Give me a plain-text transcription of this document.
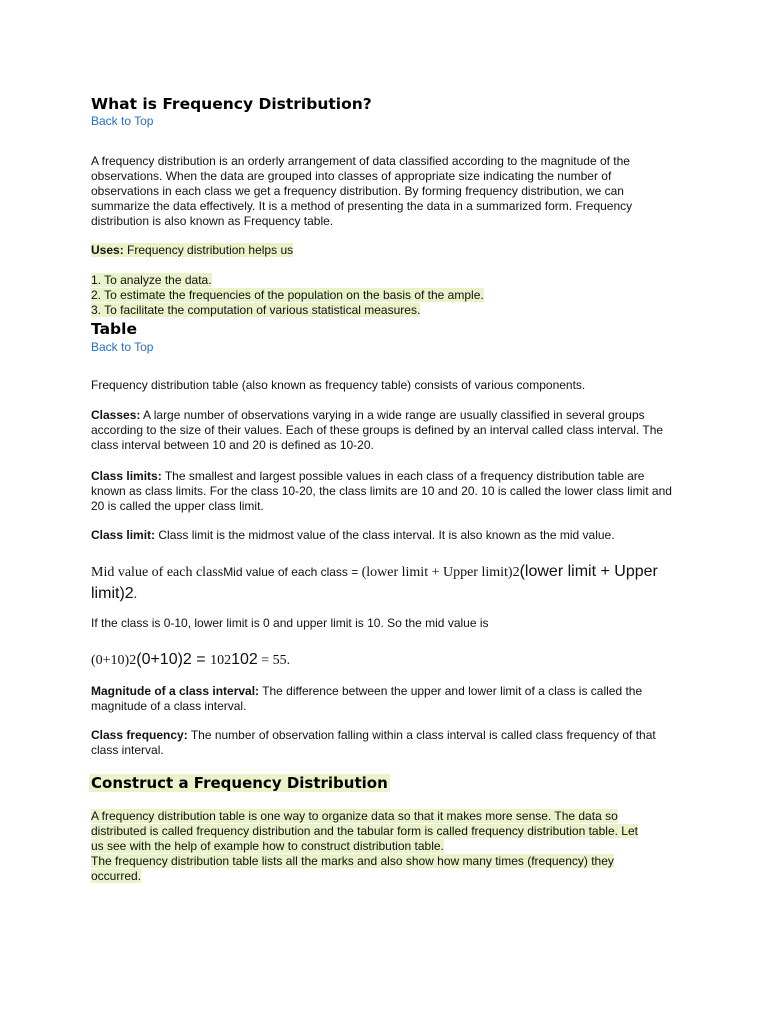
What is Frequency Distribution?
Back to Top

A frequency distribution is an orderly arrangement of data classified according to the magnitude of the observations. When the data are grouped into classes of appropriate size indicating the number of observations in each class we get a frequency distribution. By forming frequency distribution, we can summarize the data effectively. It is a method of presenting the data in a summarized form. Frequency distribution is also known as Frequency table.

Uses: Frequency distribution helps us

1. To analyze the data.
2. To estimate the frequencies of the population on the basis of the ample.
3. To facilitate the computation of various statistical measures.
Table
Back to Top

Frequency distribution table (also known as frequency table) consists of various components.

Classes: A large number of observations varying in a wide range are usually classified in several groups according to the size of their values. Each of these groups is defined by an interval called class interval. The class interval between 10 and 20 is defined as 10-20.

Class limits: The smallest and largest possible values in each class of a frequency distribution table are known as class limits. For the class 10-20, the class limits are 10 and 20. 10 is called the lower class limit and 20 is called the upper class limit.

Class limit: Class limit is the midmost value of the class interval. It is also known as the mid value.

Mid value of each classMid value of each class = (lower limit + Upper limit)2(lower limit + Upper limit)2.

If the class is 0-10, lower limit is 0 and upper limit is 10. So the mid value is

(0+10)2(0+10)2 = 102102 = 55.

Magnitude of a class interval: The difference between the upper and lower limit of a class is called the magnitude of a class interval.

Class frequency: The number of observation falling within a class interval is called class frequency of that class interval.

Construct a Frequency Distribution

A frequency distribution table is one way to organize data so that it makes more sense. The data so distributed is called frequency distribution and the tabular form is called frequency distribution table. Let us see with the help of example how to construct distribution table.

The frequency distribution table lists all the marks and also show how many times (frequency) they occurred.
